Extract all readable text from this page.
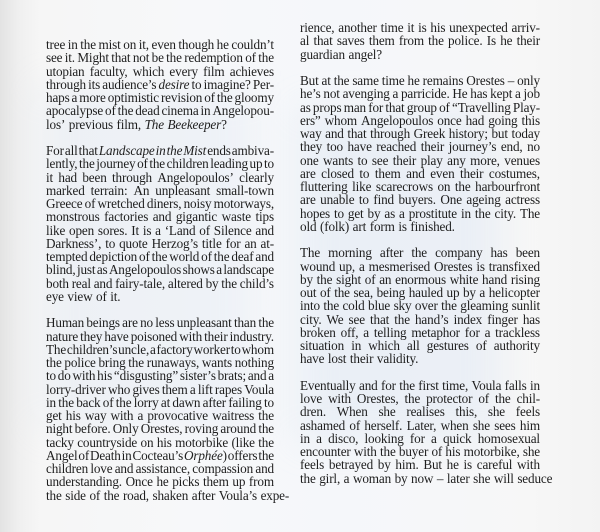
tree in the mist on it, even though he couldn’t
see it. Might that not be the redemption of the
utopian faculty, which every film achieves
through its audience’s desire to imagine? Per-
haps a more optimistic revision of the gloomy
apocalypse of the dead cinema in Angelopou-
los’ previous film, The Beekeeper?
For all that Landscape in the Mist ends ambiva-
lently, the journey of the children leading up to
it had been through Angelopoulos’ clearly
marked terrain: An unpleasant small-town
Greece of wretched diners, noisy motorways,
monstrous factories and gigantic waste tips
like open sores. It is a ‘Land of Silence and
Darkness’, to quote Herzog’s title for an at-
tempted depiction of the world of the deaf and
blind, just as Angelopoulos shows a landscape
both real and fairy-tale, altered by the child’s
eye view of it.
Human beings are no less unpleasant than the
nature they have poisoned with their industry.
The children’s uncle, a factory worker to whom
the police bring the runaways, wants nothing
to do with his “disgusting” sister’s brats; and a
lorry-driver who gives them a lift rapes Voula
in the back of the lorry at dawn after failing to
get his way with a provocative waitress the
night before. Only Orestes, roving around the
tacky countryside on his motorbike (like the
Angel of Death in Cocteau’s Orphée) offers the
children love and assistance, compassion and
understanding. Once he picks them up from
the side of the road, shaken after Voula’s expe-
rience, another time it is his unexpected arriv-
al that saves them from the police. Is he their
guardian angel?
But at the same time he remains Orestes – only
he’s not avenging a parricide. He has kept a job
as props man for that group of “Travelling Play-
ers” whom Angelopoulos once had going this
way and that through Greek history; but today
they too have reached their journey’s end, no
one wants to see their play any more, venues
are closed to them and even their costumes,
fluttering like scarecrows on the harbourfront
are unable to find buyers. One ageing actress
hopes to get by as a prostitute in the city. The
old (folk) art form is finished.
The morning after the company has been
wound up, a mesmerised Orestes is transfixed
by the sight of an enormous white hand rising
out of the sea, being hauled up by a helicopter
into the cold blue sky over the gleaming sunlit
city. We see that the hand’s index finger has
broken off, a telling metaphor for a trackless
situation in which all gestures of authority
have lost their validity.
Eventually and for the first time, Voula falls in
love with Orestes, the protector of the chil-
dren. When she realises this, she feels
ashamed of herself. Later, when she sees him
in a disco, looking for a quick homosexual
encounter with the buyer of his motorbike, she
feels betrayed by him. But he is careful with
the girl, a woman by now – later she will seduce
